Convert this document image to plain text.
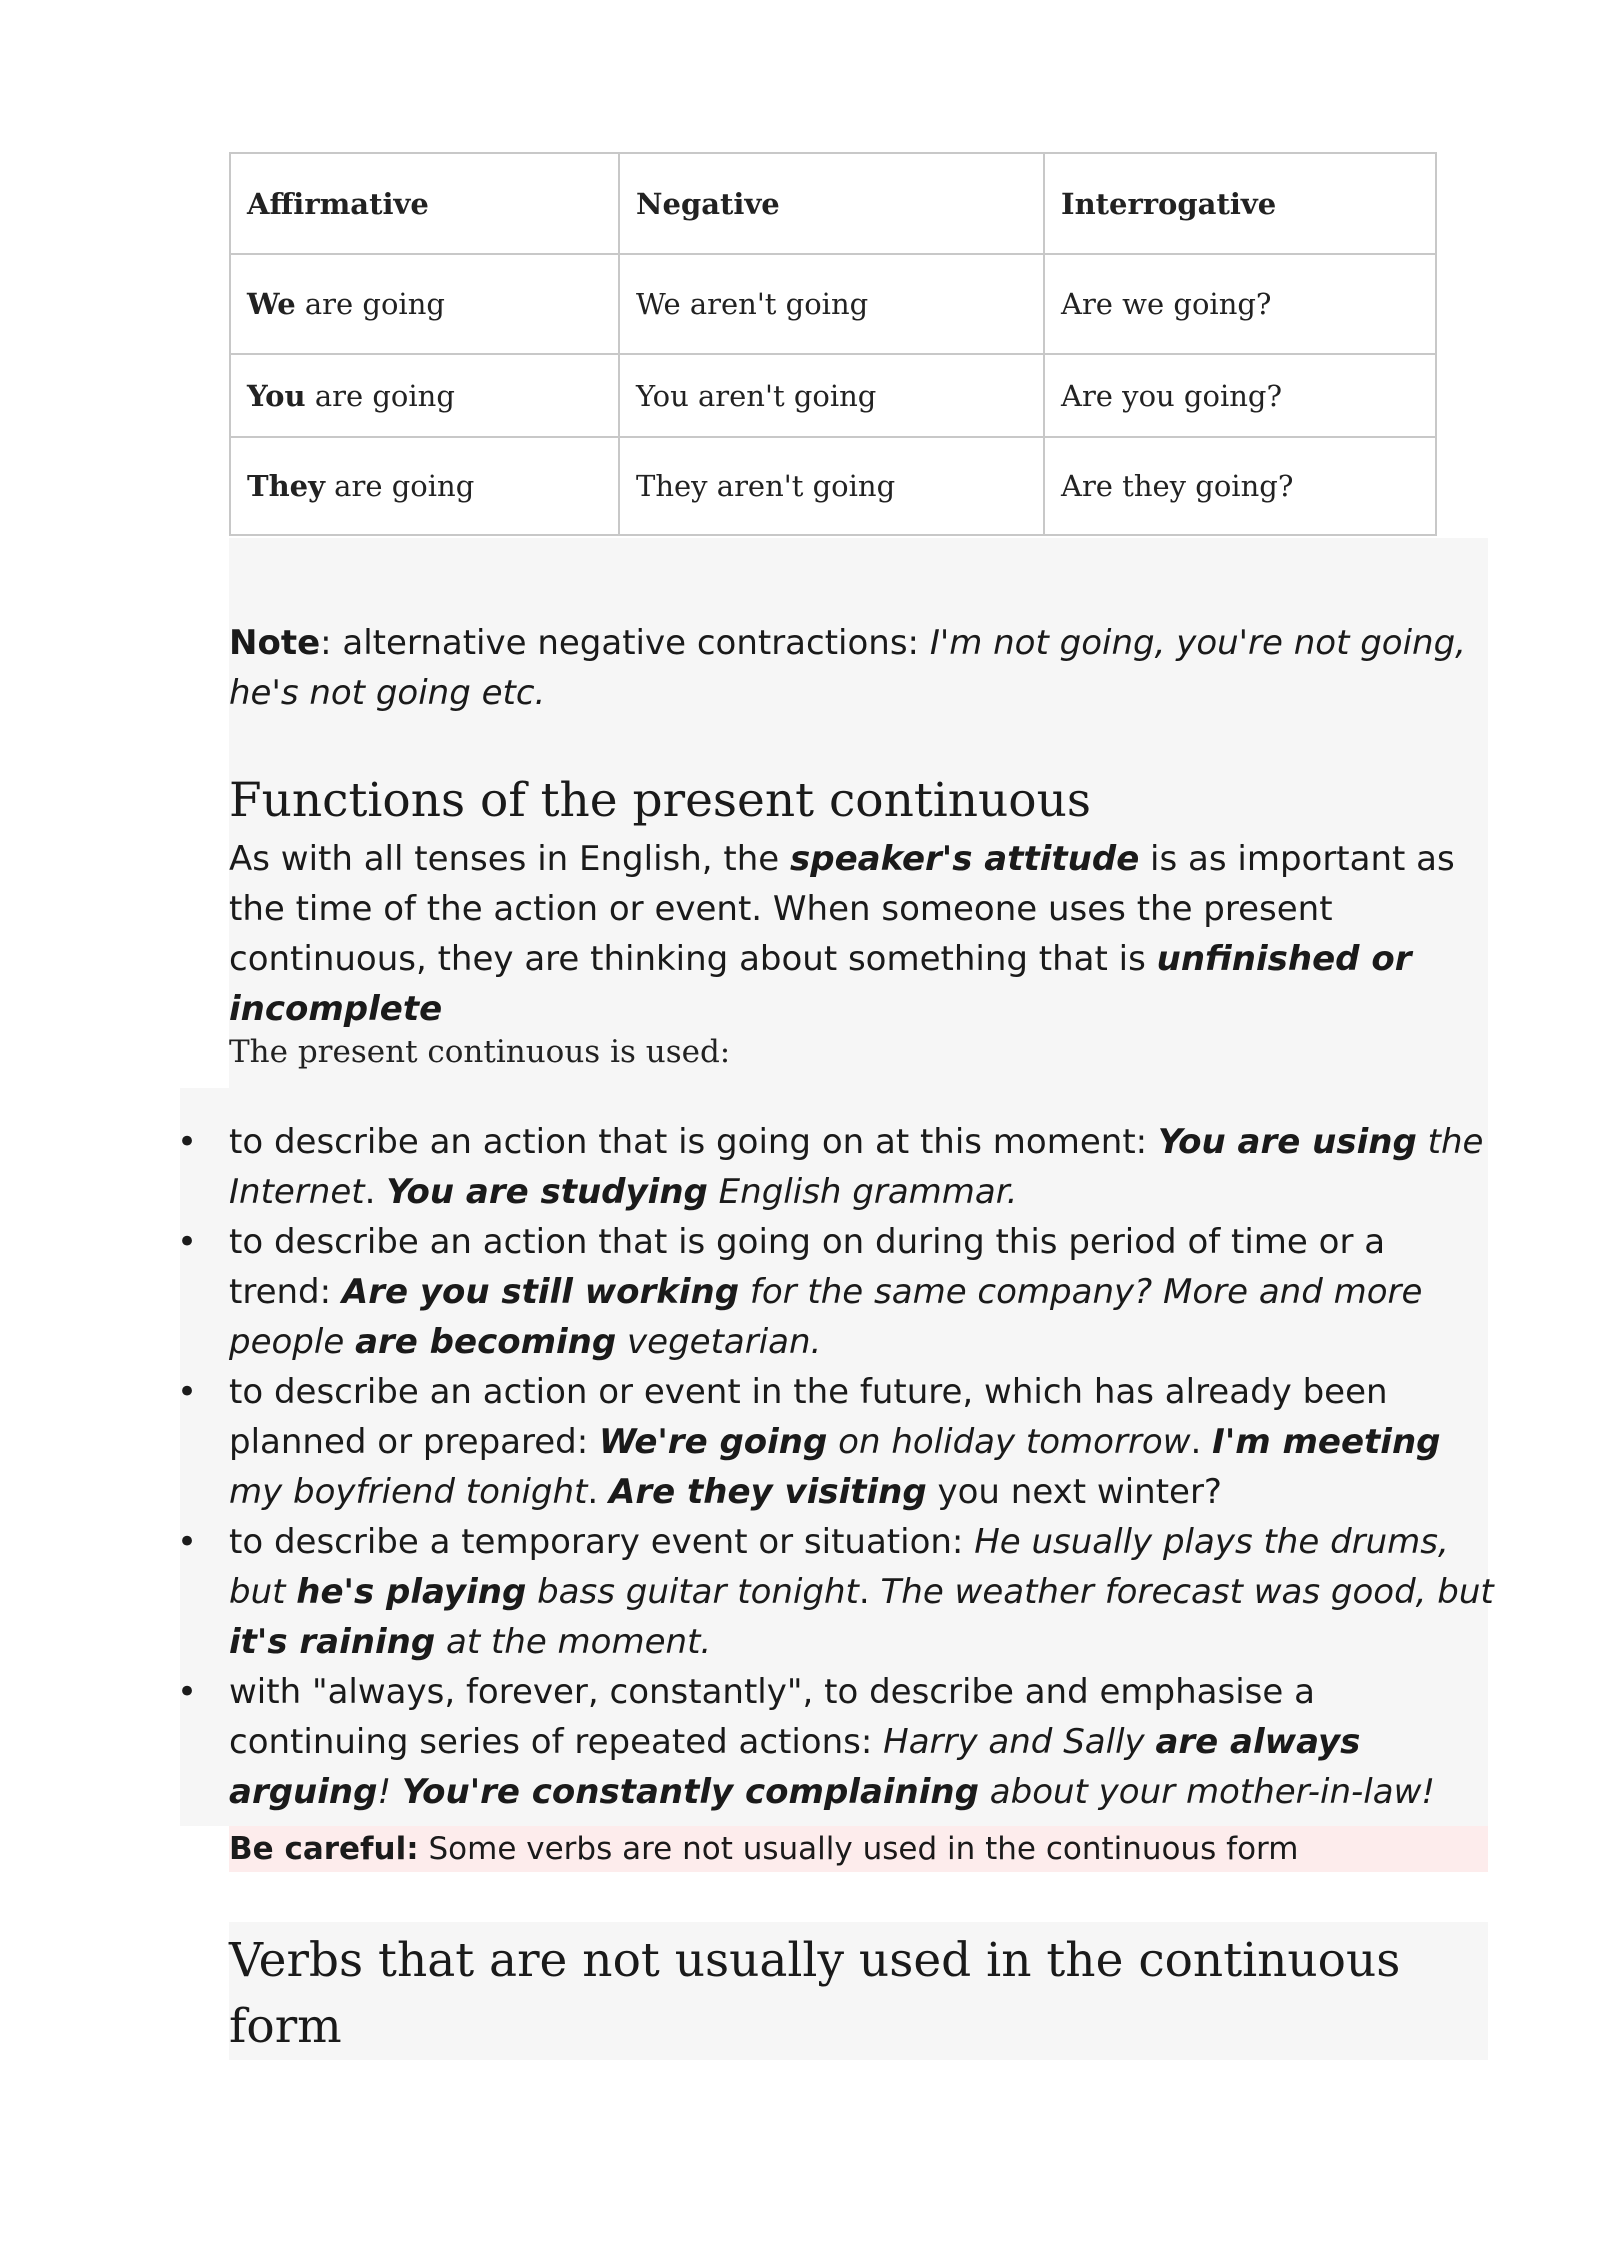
Affirmative	Negative	Interrogative
We are going	We aren't going	Are we going?
You are going	You aren't going	Are you going?
They are going	They aren't going	Are they going?

Note: alternative negative contractions: I'm not going, you're not going, he's not going etc.

Functions of the present continuous

As with all tenses in English, the speaker's attitude is as important as the time of the action or event. When someone uses the present continuous, they are thinking about something that is unfinished or incomplete

The present continuous is used:

• to describe an action that is going on at this moment: You are using the Internet. You are studying English grammar.
• to describe an action that is going on during this period of time or a trend: Are you still working for the same company? More and more people are becoming vegetarian.
• to describe an action or event in the future, which has already been planned or prepared: We're going on holiday tomorrow. I'm meeting my boyfriend tonight. Are they visiting you next winter?
• to describe a temporary event or situation: He usually plays the drums, but he's playing bass guitar tonight. The weather forecast was good, but it's raining at the moment.
• with "always, forever, constantly", to describe and emphasise a continuing series of repeated actions: Harry and Sally are always arguing! You're constantly complaining about your mother-in-law!
Be careful: Some verbs are not usually used in the continuous form
Verbs that are not usually used in the continuous form
